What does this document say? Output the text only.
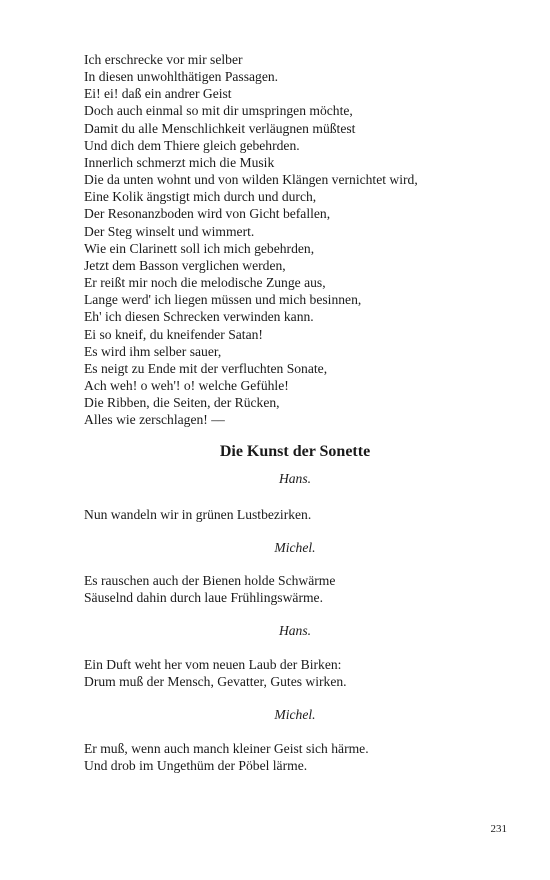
Ich erschrecke vor mir selber
In diesen unwohlthätigen Passagen.
Ei! ei! daß ein andrer Geist
Doch auch einmal so mit dir umspringen möchte,
Damit du alle Menschlichkeit verläugnen müßtest
Und dich dem Thiere gleich gebehrden.
Innerlich schmerzt mich die Musik
Die da unten wohnt und von wilden Klängen vernichtet wird,
Eine Kolik ängstigt mich durch und durch,
Der Resonanzboden wird von Gicht befallen,
Der Steg winselt und wimmert.
Wie ein Clarinett soll ich mich gebehrden,
Jetzt dem Basson verglichen werden,
Er reißt mir noch die melodische Zunge aus,
Lange werd' ich liegen müssen und mich besinnen,
Eh' ich diesen Schrecken verwinden kann.
Ei so kneif, du kneifender Satan!
Es wird ihm selber sauer,
Es neigt zu Ende mit der verfluchten Sonate,
Ach weh! o weh'! o! welche Gefühle!
Die Ribben, die Seiten, der Rücken,
Alles wie zerschlagen! ––
Die Kunst der Sonette
Hans.
Nun wandeln wir in grünen Lustbezirken.
Michel.
Es rauschen auch der Bienen holde Schwärme
Säuselnd dahin durch laue Frühlingswärme.
Hans.
Ein Duft weht her vom neuen Laub der Birken:
Drum muß der Mensch, Gevatter, Gutes wirken.
Michel.
Er muß, wenn auch manch kleiner Geist sich härme.
Und drob im Ungethüm der Pöbel lärme.
231
